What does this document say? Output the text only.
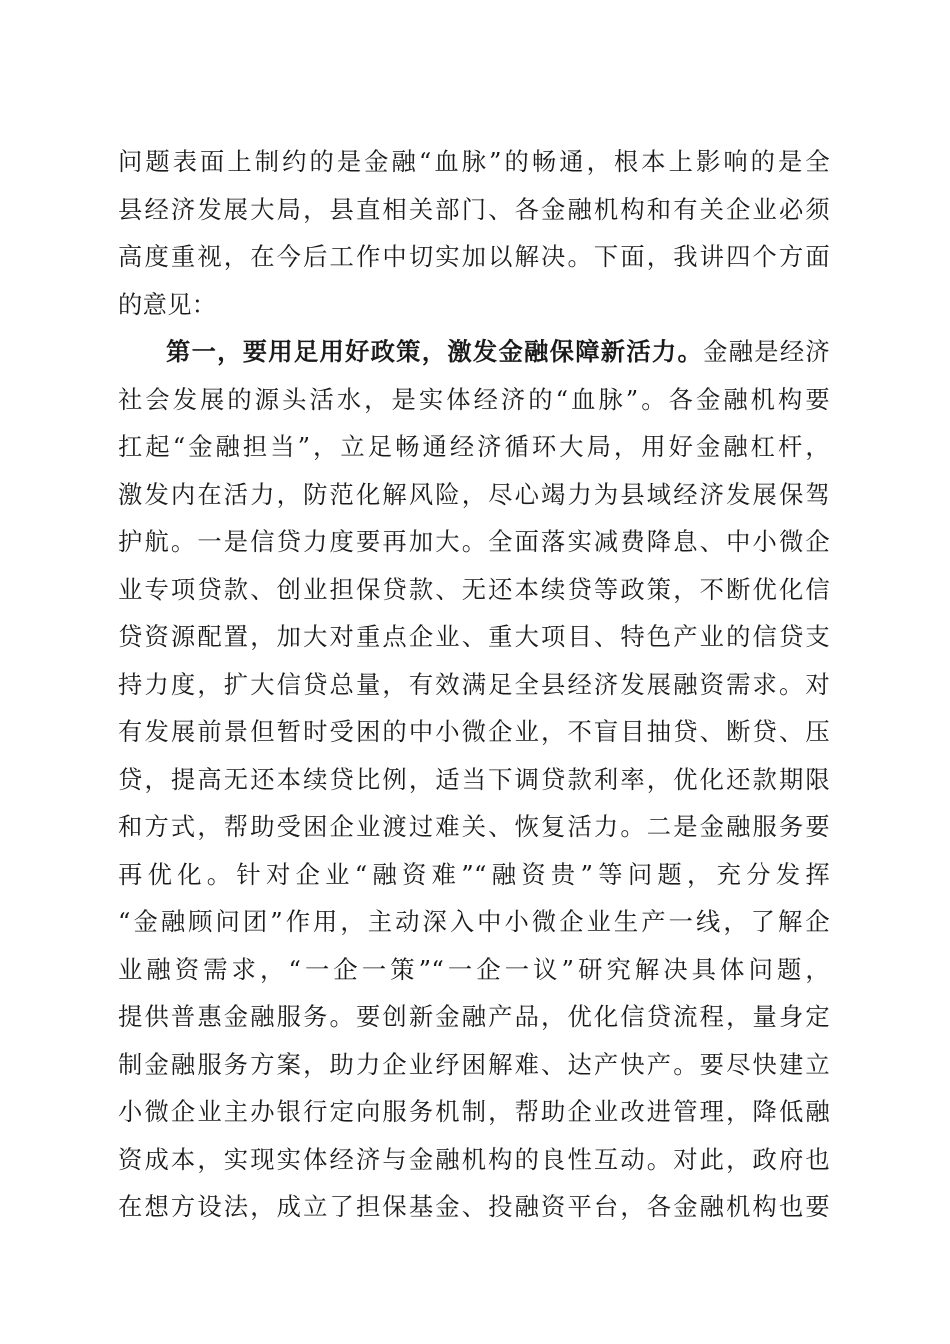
问题表面上制约的是金融“血脉”的畅通，根本上影响的是全
县经济发展大局，县直相关部门、各金融机构和有关企业必须
高度重视，在今后工作中切实加以解决。下面，我讲四个方面
的意见：
第一，要用足用好政策，激发金融保障新活力。金融是经济
社会发展的源头活水，是实体经济的“血脉”。各金融机构要
扛起“金融担当”，立足畅通经济循环大局，用好金融杠杆，
激发内在活力，防范化解风险，尽心竭力为县域经济发展保驾
护航。一是信贷力度要再加大。全面落实减费降息、中小微企
业专项贷款、创业担保贷款、无还本续贷等政策，不断优化信
贷资源配置，加大对重点企业、重大项目、特色产业的信贷支
持力度，扩大信贷总量，有效满足全县经济发展融资需求。对
有发展前景但暂时受困的中小微企业，不盲目抽贷、断贷、压
贷，提高无还本续贷比例，适当下调贷款利率，优化还款期限
和方式，帮助受困企业渡过难关、恢复活力。二是金融服务要
再优化。针对企业“融资难”“融资贵”等问题，充分发挥
“金融顾问团”作用，主动深入中小微企业生产一线，了解企
业融资需求，“一企一策”“一企一议”研究解决具体问题，
提供普惠金融服务。要创新金融产品，优化信贷流程，量身定
制金融服务方案，助力企业纾困解难、达产快产。要尽快建立
小微企业主办银行定向服务机制，帮助企业改进管理，降低融
资成本，实现实体经济与金融机构的良性互动。对此，政府也
在想方设法，成立了担保基金、投融资平台，各金融机构也要
